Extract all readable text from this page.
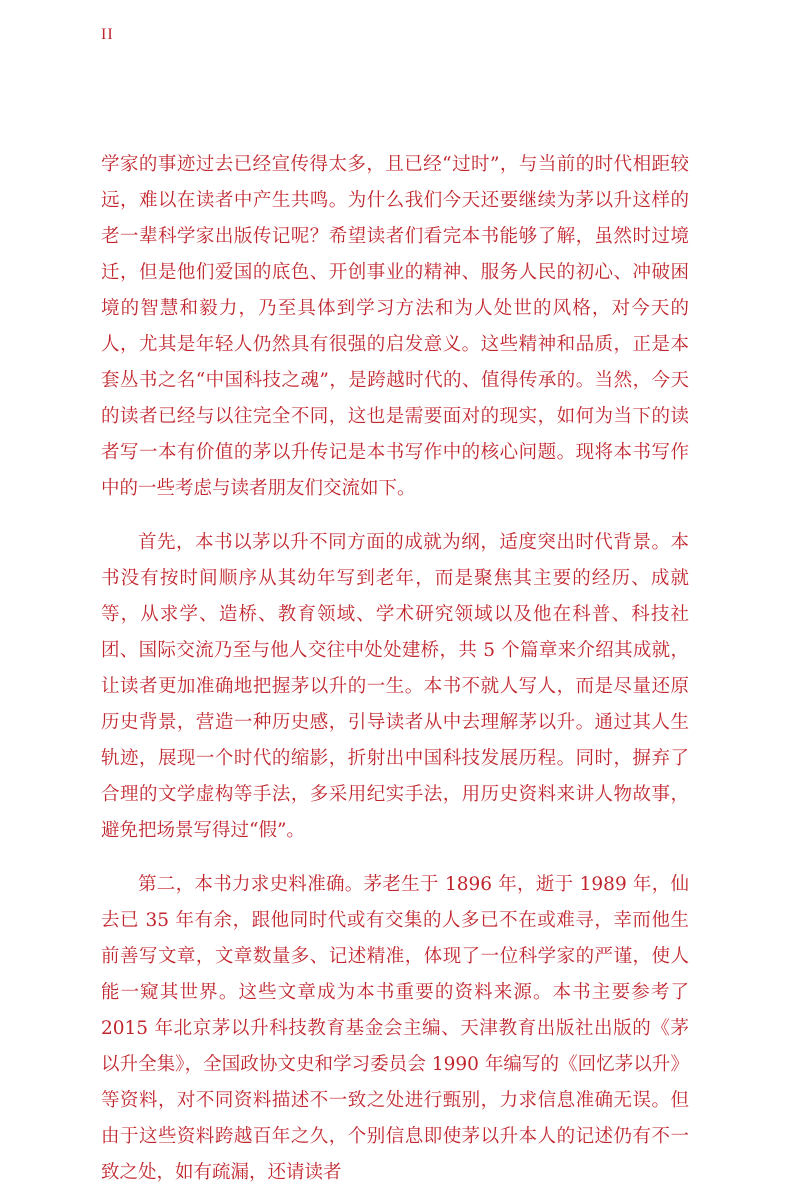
II

学家的事迹过去已经宣传得太多，且已经“过时”，与当前的时代相距较远，难以在读者中产生共鸣。为什么我们今天还要继续为茅以升这样的老一辈科学家出版传记呢？希望读者们看完本书能够了解，虽然时过境迁，但是他们爱国的底色、开创事业的精神、服务人民的初心、冲破困境的智慧和毅力，乃至具体到学习方法和为人处世的风格，对今天的人，尤其是年轻人仍然具有很强的启发意义。这些精神和品质，正是本套丛书之名“中国科技之魂”，是跨越时代的、值得传承的。当然，今天的读者已经与以往完全不同，这也是需要面对的现实，如何为当下的读者写一本有价值的茅以升传记是本书写作中的核心问题。现将本书写作中的一些考虑与读者朋友们交流如下。

首先，本书以茅以升不同方面的成就为纲，适度突出时代背景。本书没有按时间顺序从其幼年写到老年，而是聚焦其主要的经历、成就等，从求学、造桥、教育领域、学术研究领域以及他在科普、科技社团、国际交流乃至与他人交往中处处建桥，共 5 个篇章来介绍其成就，让读者更加准确地把握茅以升的一生。本书不就人写人，而是尽量还原历史背景，营造一种历史感，引导读者从中去理解茅以升。通过其人生轨迹，展现一个时代的缩影，折射出中国科技发展历程。同时，摒弃了合理的文学虚构等手法，多采用纪实手法，用历史资料来讲人物故事，避免把场景写得过“假”。

第二，本书力求史料准确。茅老生于 1896 年，逝于 1989 年，仙去已 35 年有余，跟他同时代或有交集的人多已不在或难寻，幸而他生前善写文章，文章数量多、记述精准，体现了一位科学家的严谨，使人能一窥其世界。这些文章成为本书重要的资料来源。本书主要参考了 2015 年北京茅以升科技教育基金会主编、天津教育出版社出版的《茅以升全集》，全国政协文史和学习委员会 1990 年编写的《回忆茅以升》等资料，对不同资料描述不一致之处进行甄别，力求信息准确无误。但由于这些资料跨越百年之久，个别信息即使茅以升本人的记述仍有不一致之处，如有疏漏，还请读者
